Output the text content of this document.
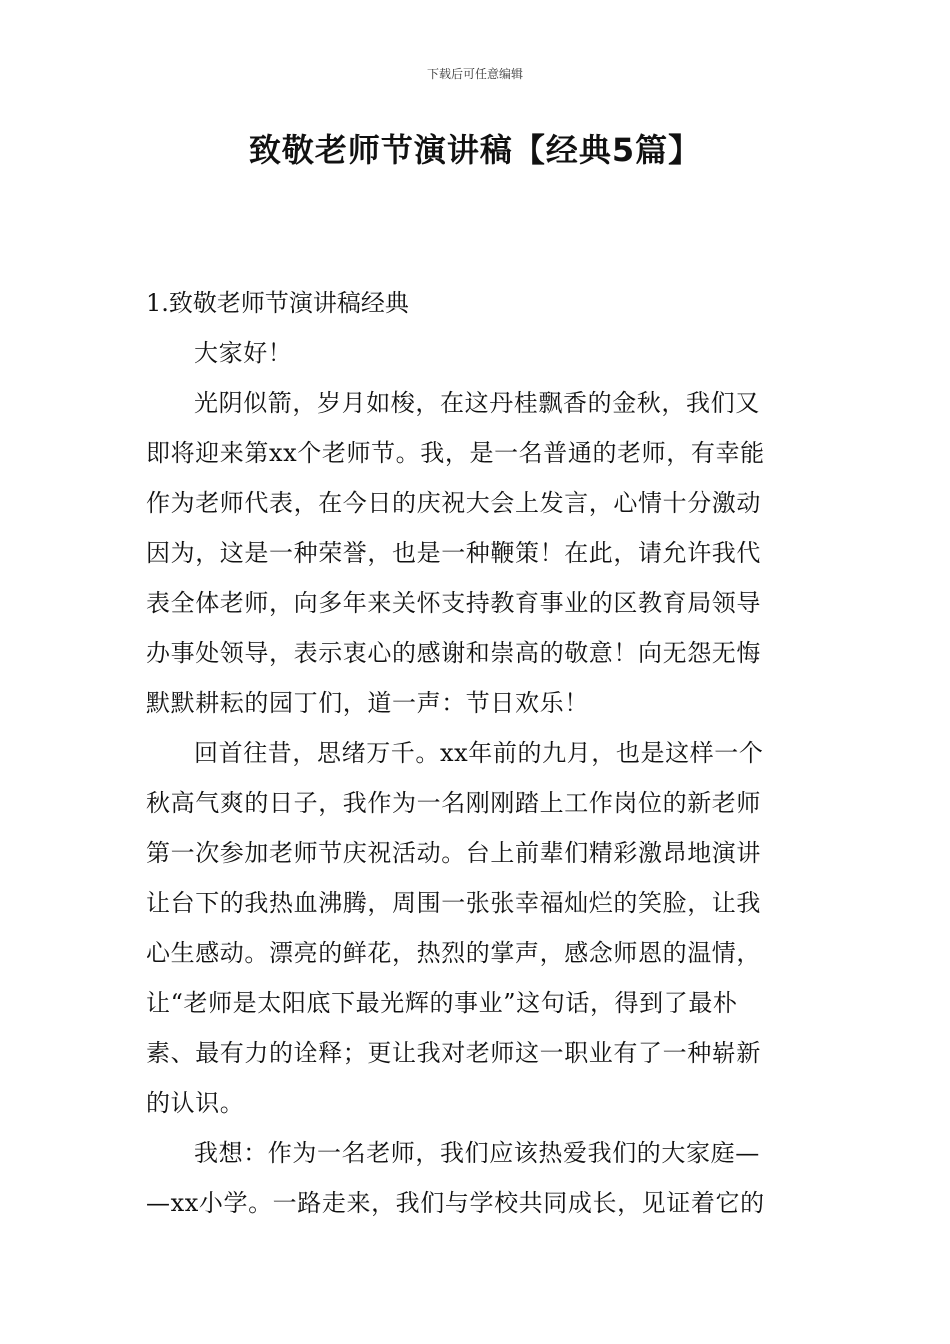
下载后可任意编辑
致敬老师节演讲稿【经典5篇】
1.致敬老师节演讲稿经典
大家好！
光阴似箭，岁月如梭，在这丹桂飘香的金秋，我们又
即将迎来第xx个老师节。我，是一名普通的老师，有幸能
作为老师代表，在今日的庆祝大会上发言，心情十分激动
因为，这是一种荣誉，也是一种鞭策！在此，请允许我代
表全体老师，向多年来关怀支持教育事业的区教育局领导
办事处领导，表示衷心的感谢和崇高的敬意！向无怨无悔
默默耕耘的园丁们，道一声：节日欢乐！
回首往昔，思绪万千。xx年前的九月，也是这样一个
秋高气爽的日子，我作为一名刚刚踏上工作岗位的新老师
第一次参加老师节庆祝活动。台上前辈们精彩激昂地演讲
让台下的我热血沸腾，周围一张张幸福灿烂的笑脸，让我
心生感动。漂亮的鲜花，热烈的掌声，感念师恩的温情，
让“老师是太阳底下最光辉的事业”这句话，得到了最朴
素、最有力的诠释；更让我对老师这一职业有了一种崭新
的认识。
我想：作为一名老师，我们应该热爱我们的大家庭—
—xx小学。一路走来，我们与学校共同成长，见证着它的
